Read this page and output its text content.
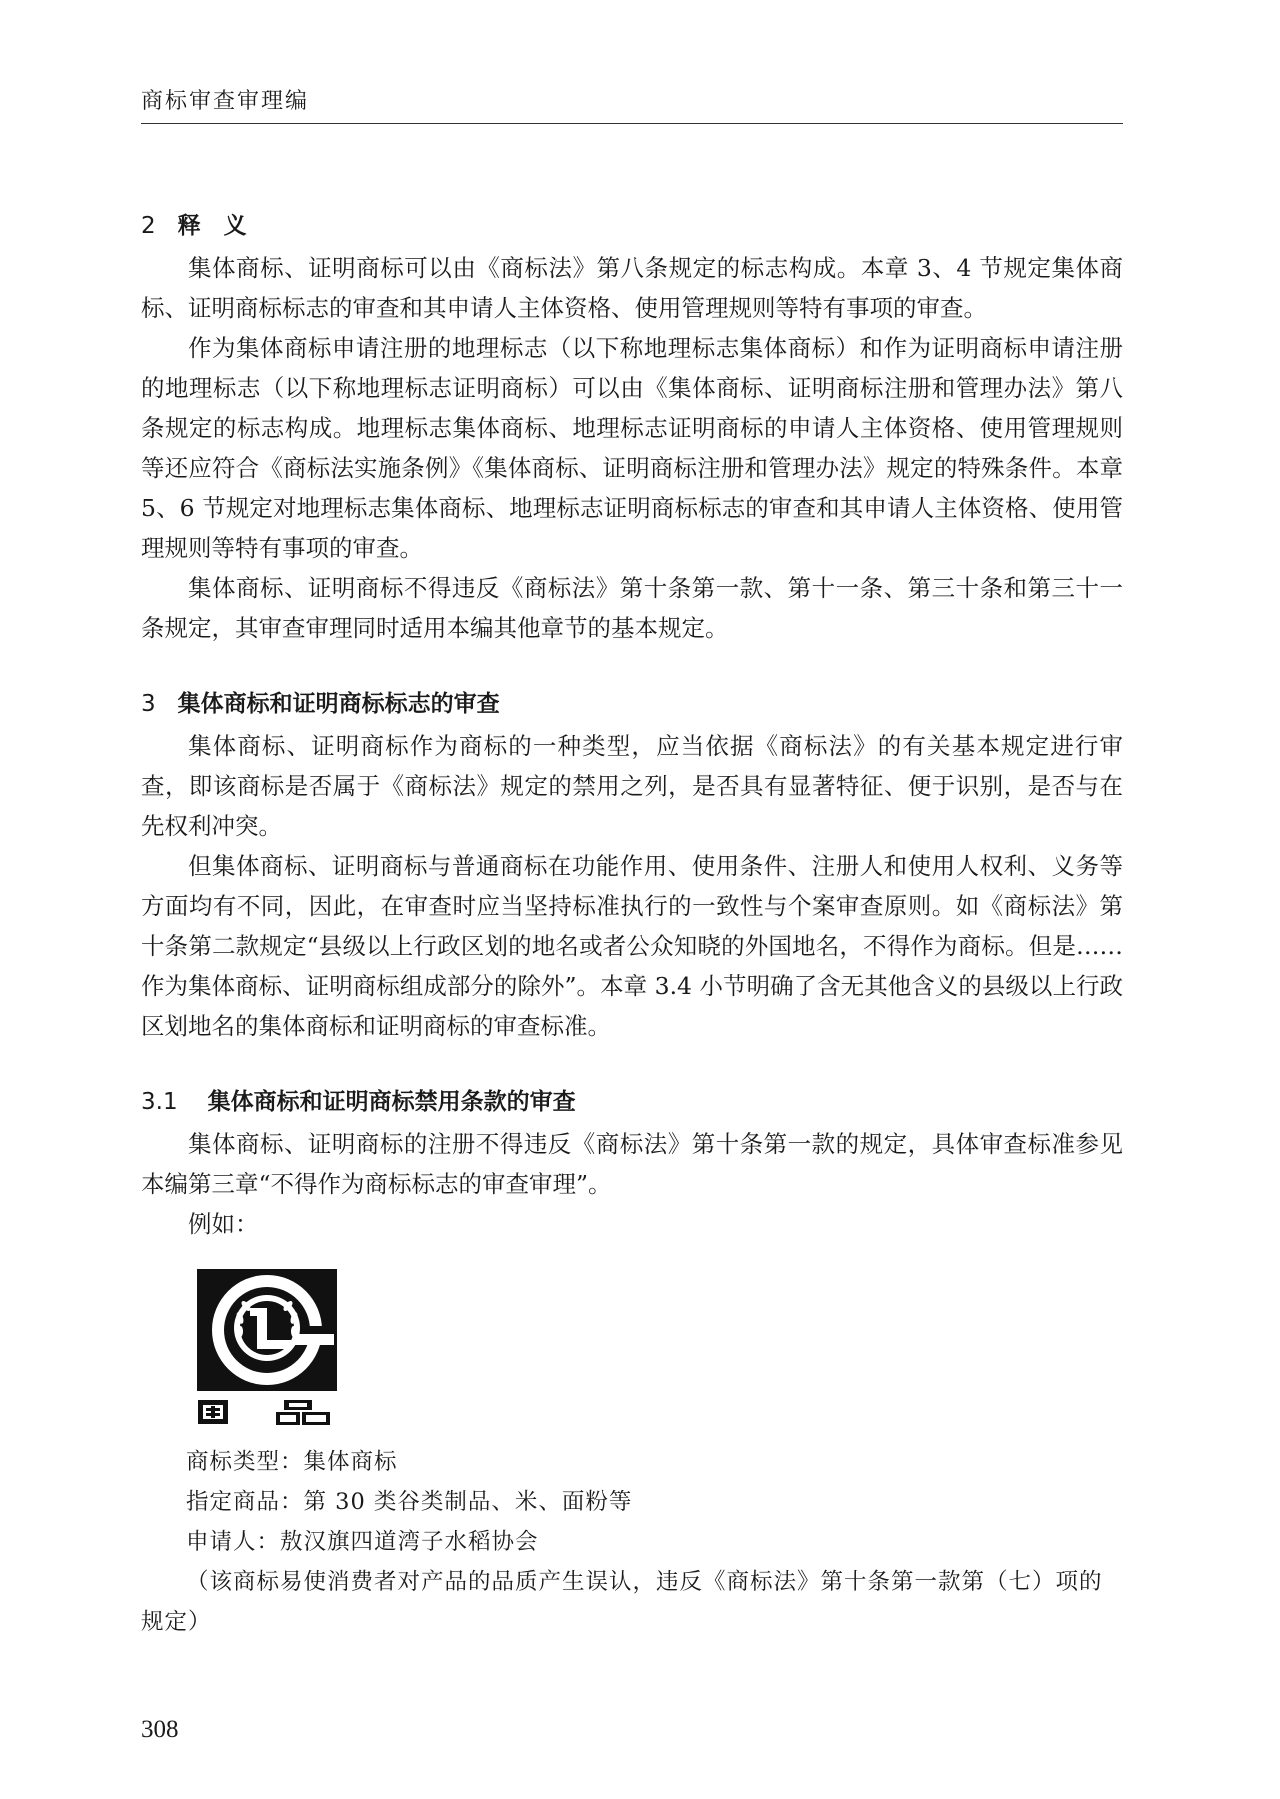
商标审查审理编
2 释　义

集体商标、证明商标可以由《商标法》第八条规定的标志构成。本章 3、4 节规定集体商标、证明商标标志的审查和其申请人主体资格、使用管理规则等特有事项的审查。

作为集体商标申请注册的地理标志（以下称地理标志集体商标）和作为证明商标申请注册的地理标志（以下称地理标志证明商标）可以由《集体商标、证明商标注册和管理办法》第八条规定的标志构成。地理标志集体商标、地理标志证明商标的申请人主体资格、使用管理规则等还应符合《商标法实施条例》《集体商标、证明商标注册和管理办法》规定的特殊条件。本章 5、6 节规定对地理标志集体商标、地理标志证明商标标志的审查和其申请人主体资格、使用管理规则等特有事项的审查。

集体商标、证明商标不得违反《商标法》第十条第一款、第十一条、第三十条和第三十一条规定，其审查审理同时适用本编其他章节的基本规定。

3 集体商标和证明商标标志的审查

集体商标、证明商标作为商标的一种类型，应当依据《商标法》的有关基本规定进行审查，即该商标是否属于《商标法》规定的禁用之列，是否具有显著特征、便于识别，是否与在先权利冲突。

但集体商标、证明商标与普通商标在功能作用、使用条件、注册人和使用人权利、义务等方面均有不同，因此，在审查时应当坚持标准执行的一致性与个案审查原则。如《商标法》第十条第二款规定“县级以上行政区划的地名或者公众知晓的外国地名，不得作为商标。但是……作为集体商标、证明商标组成部分的除外”。本章 3.4 小节明确了含无其他含义的县级以上行政区划地名的集体商标和证明商标的审查标准。

3.1 集体商标和证明商标禁用条款的审查

集体商标、证明商标的注册不得违反《商标法》第十条第一款的规定，具体审查标准参见本编第三章“不得作为商标标志的审查审理”。

例如：

商标类型：集体商标
指定商品：第 30 类谷类制品、米、面粉等
申请人：敖汉旗四道湾子水稻协会
（该商标易使消费者对产品的品质产生误认，违反《商标法》第十条第一款第（七）项的规定）
308
